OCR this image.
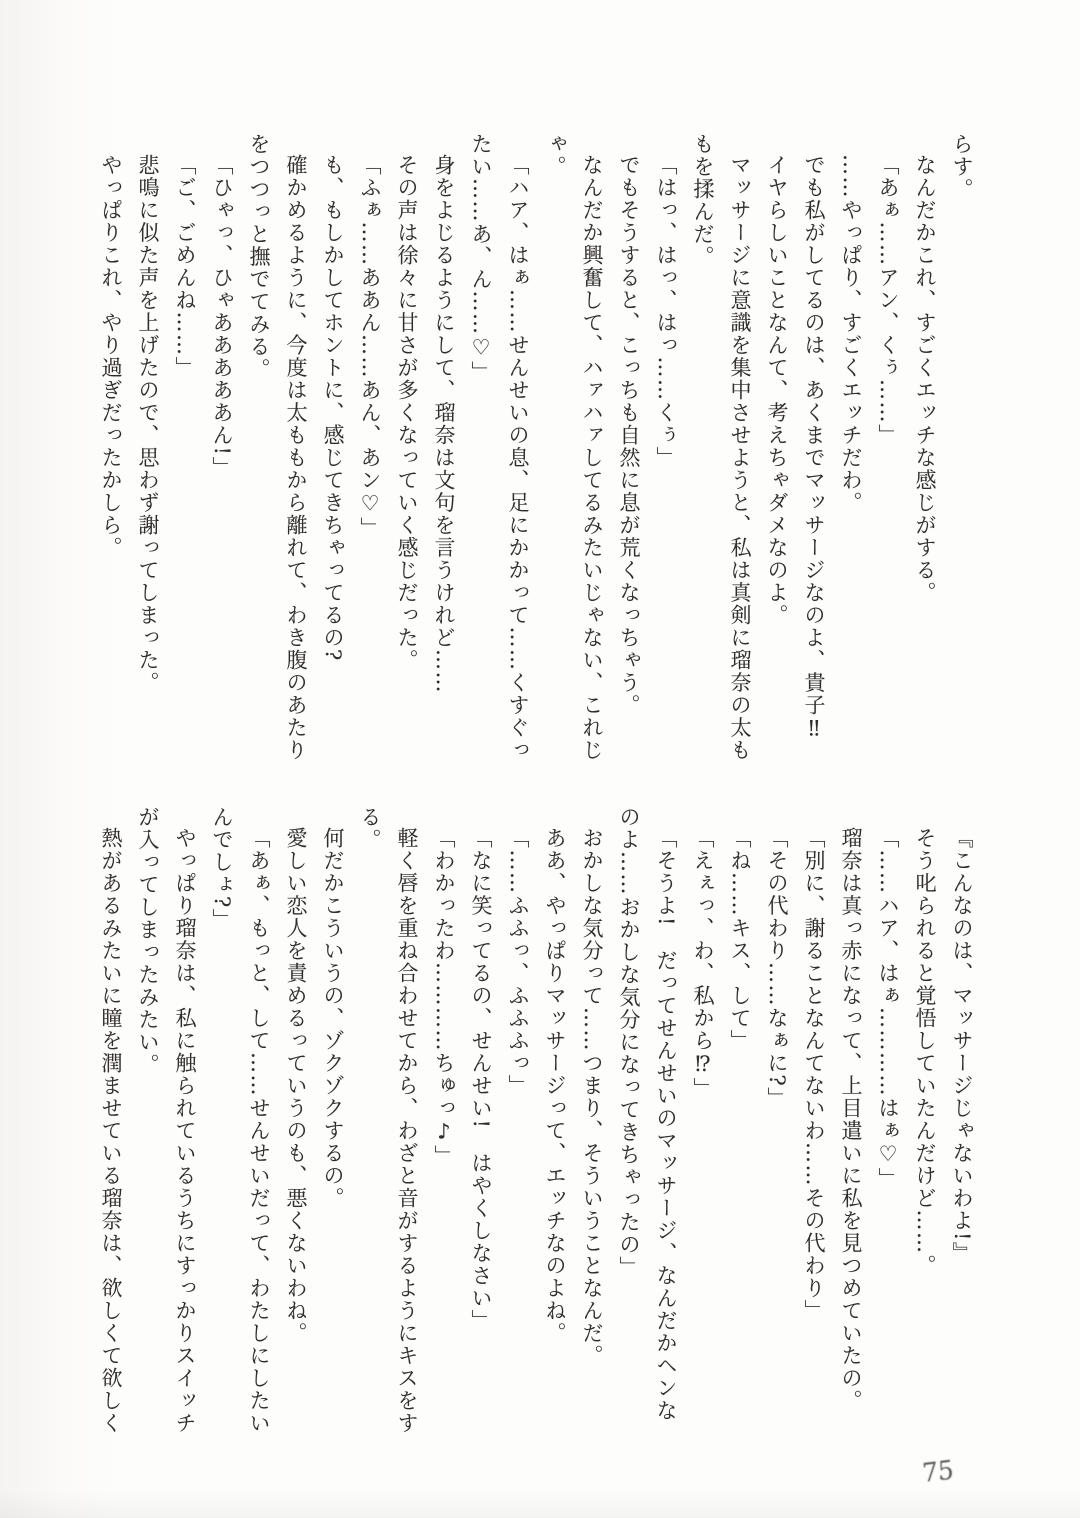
らす。

なんだかこれ、すごくエッチな感じがする。

「あぁ……アン、くぅ……」

……やっぱり、すごくエッチだわ。

でも私がしてるのは、あくまでマッサージなのよ、貴子‼

イヤらしいことなんて、考えちゃダメなのよ。

マッサージに意識を集中させようと、私は真剣に瑠奈の太ももを揉んだ。

「はっ、はっ、はっ……くぅ」

でもそうすると、こっちも自然に息が荒くなっちゃう。

なんだか興奮して、ハァハァしてるみたいじゃない、これじゃ。

「ハア、はぁ……せんせいの息、足にかかって……くすぐったい……あ、ん……♡」

身をよじるようにして、瑠奈は文句を言うけれど……

その声は徐々に甘さが多くなっていく感じだった。

「ふぁ……ああん……あん、あン♡」

も、もしかしてホントに、感じてきちゃってるの?

確かめるように、今度は太ももから離れて、わき腹のあたりをつつっと撫でてみる。

「ひゃっ、ひゃあああああん!」

「ご、ごめんね……」

悲鳴に似た声を上げたので、思わず謝ってしまった。

やっぱりこれ、やり過ぎだったかしら。

『こんなのは、マッサージじゃないわよ!』

そう叱られると覚悟していたんだけど……。

「……ハア、はぁ…………はぁ♡」

瑠奈は真っ赤になって、上目遣いに私を見つめていたの。

「別に、謝ることなんてないわ……その代わり」

「その代わり……なぁに?」

「ね……キス、して」

「えぇっ、わ、私から⁉」

「そうよ!　だってせんせいのマッサージ、なんだかヘンなのよ……おかしな気分になってきちゃったの」

おかしな気分って……つまり、そういうことなんだ。

ああ、やっぱりマッサージって、エッチなのよね。

「……ふふっ、ふふふっ」

「なに笑ってるの、せんせい!　はやくしなさい」

「わかったわ…………ちゅっ♪」

軽く唇を重ね合わせてから、わざと音がするようにキスをする。

何だかこういうの、ゾクゾクするの。

愛しい恋人を責めるっていうのも、悪くないわね。

「あぁ、もっと、して……せんせいだって、わたしにしたいんでしょ?」

やっぱり瑠奈は、私に触られているうちにすっかりスイッチが入ってしまったみたい。

熱があるみたいに瞳を潤ませている瑠奈は、欲しくて欲しく

75
